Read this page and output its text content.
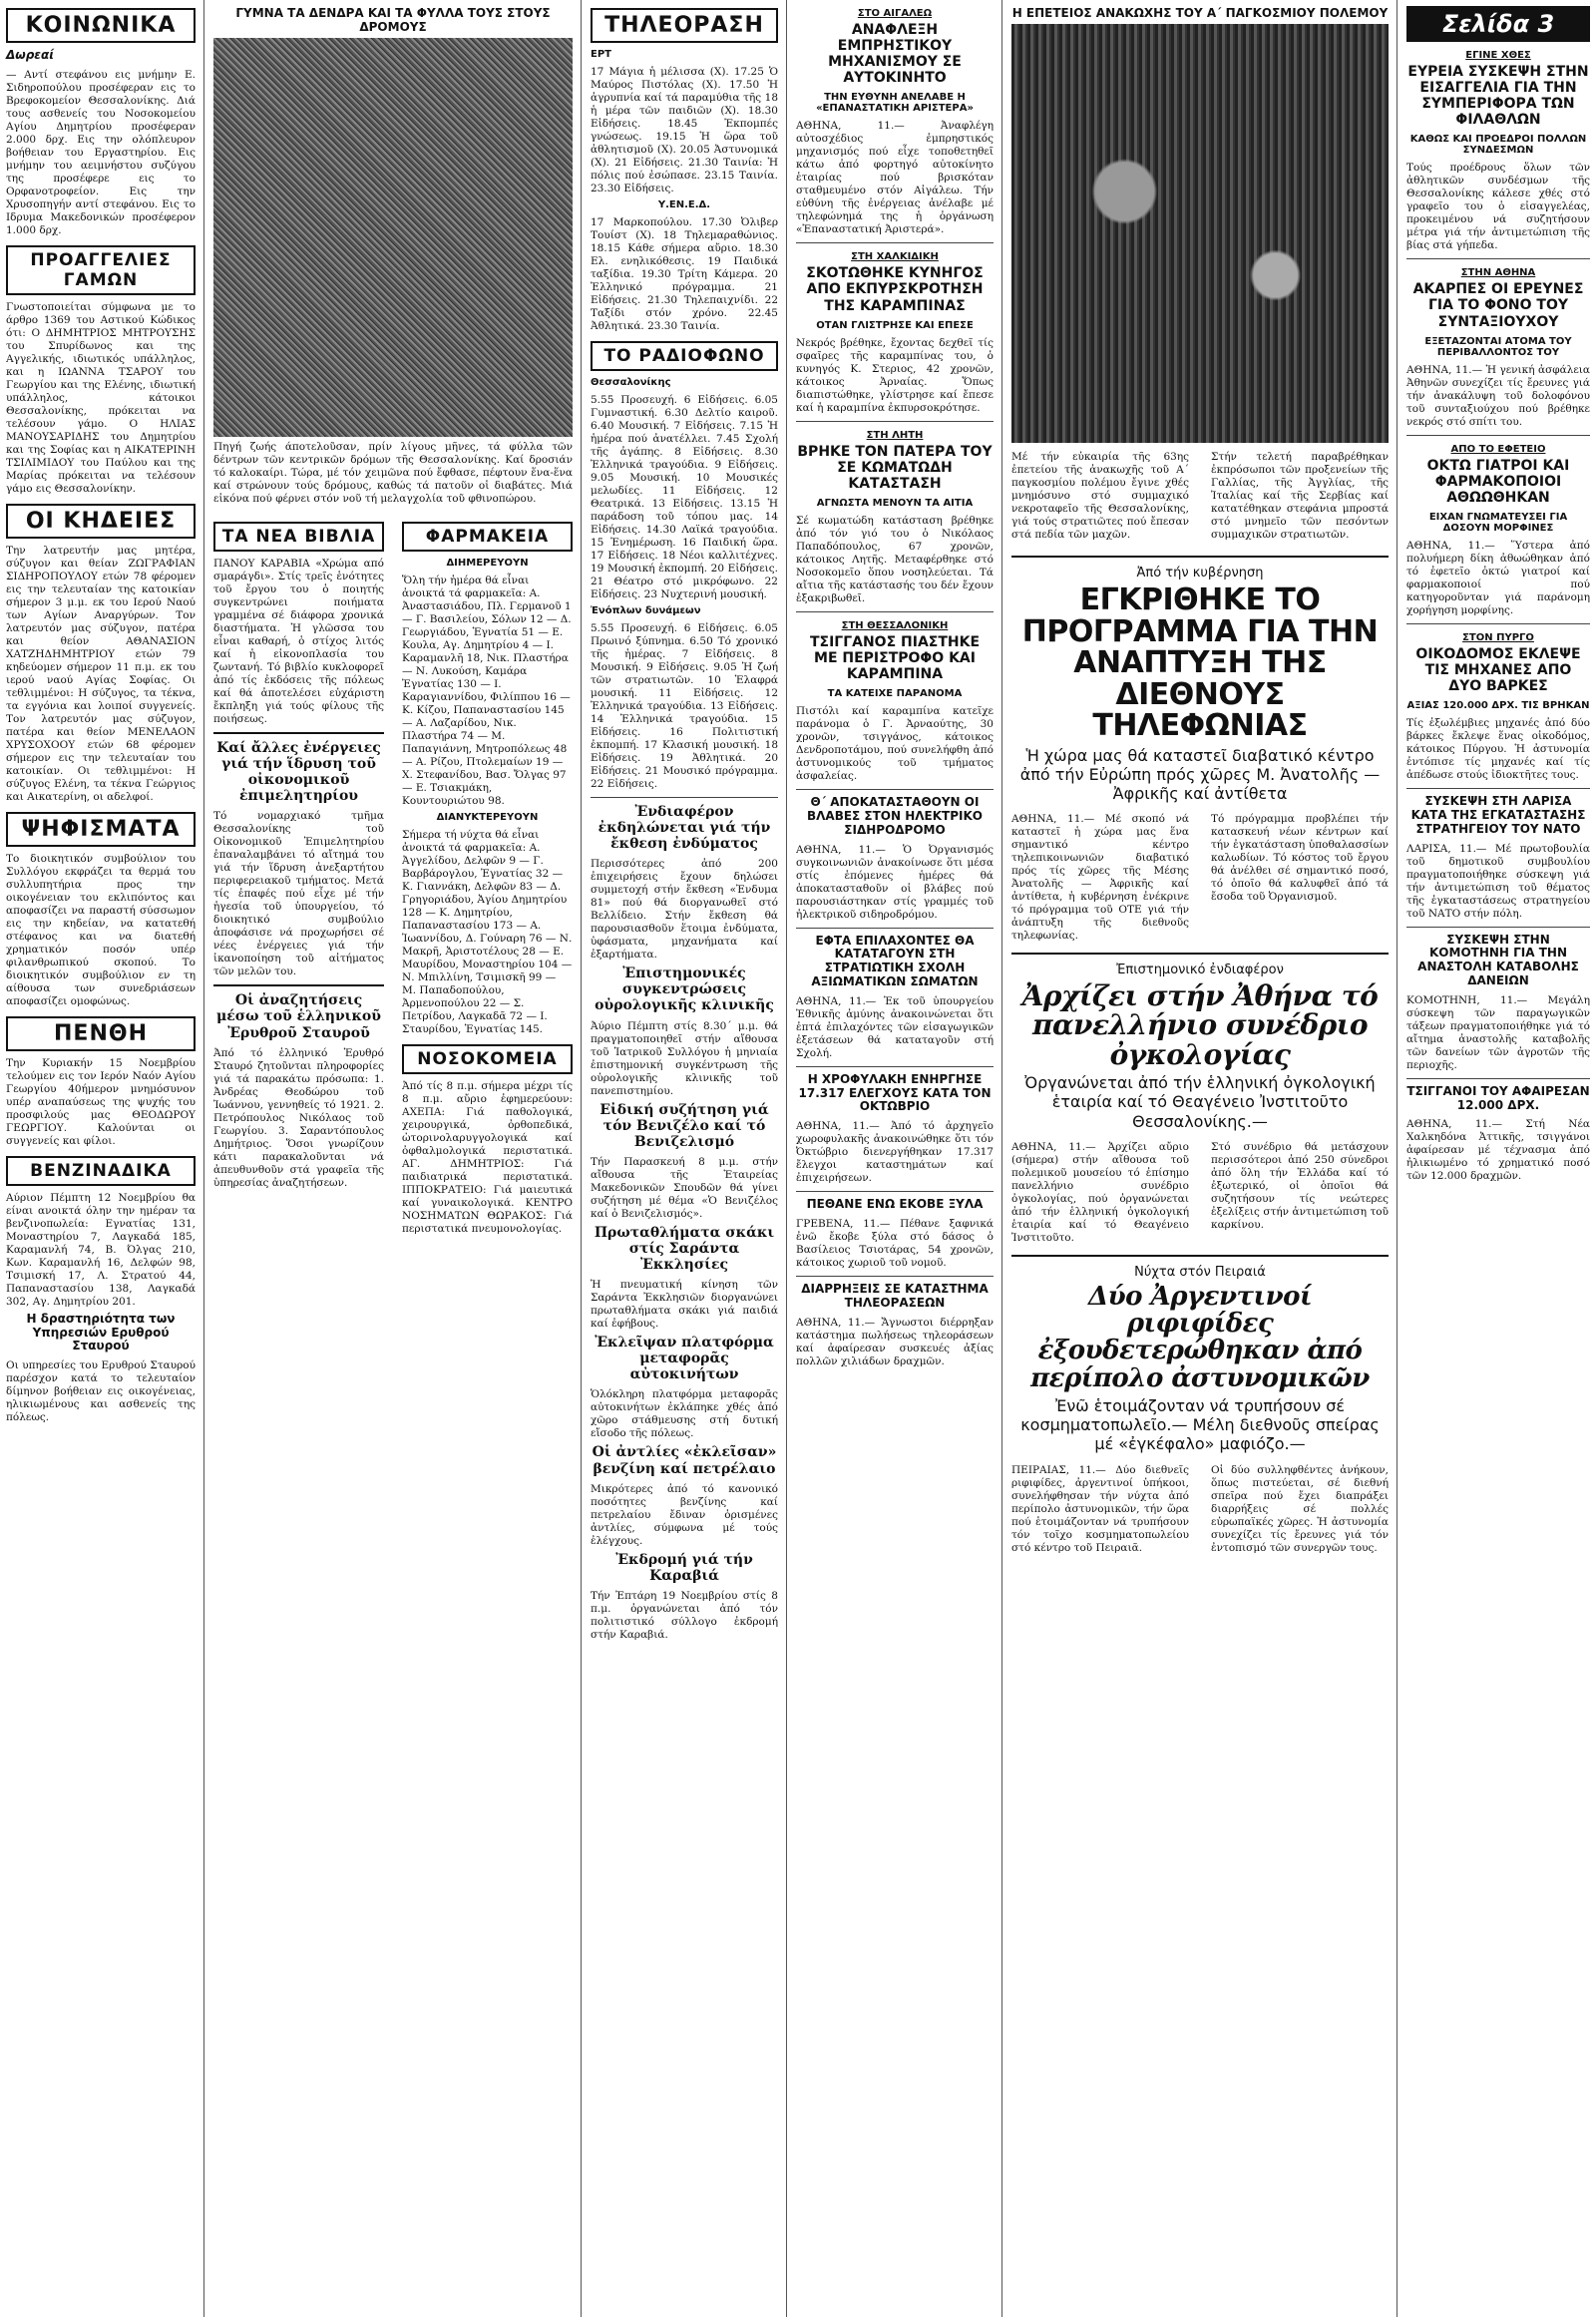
ΚΟΙΝΩΝΙΚΑ
Δωρεαί

— Αντί στεφάνου εις μνήμην Ε. Σιδηροπούλου προσέφεραν εις το Βρεφοκομείον Θεσσαλονίκης. Διά τους ασθενείς του Νοσοκομείου Αγίου Δημητρίου προσέφεραν 2.000 δρχ. Εις την ολόπλευρον βοήθειαν του Εργαστηρίου. Εις μνήμην του αειμνήστου συζύγου της προσέφερε εις το Ορφανοτροφείον. Εις την Χρυσοπηγήν αντί στεφάνου. Εις το Ιδρυμα Μακεδονικών προσέφερον 1.000 δρχ.

ΠΡΟΑΓΓΕΛΙΕΣ ΓΑΜΩΝ

Γνωστοποιείται σύμφωνα με το άρθρο 1369 του Αστικού Κώδικος ότι: Ο ΔΗΜΗΤΡΙΟΣ ΜΗΤΡΟΥΣΗΣ του Σπυρίδωνος και της Αγγελικής, ιδιωτικός υπάλληλος, και η ΙΩΑΝΝΑ ΤΣΑΡΟΥ του Γεωργίου και της Ελένης, ιδιωτική υπάλληλος, κάτοικοι Θεσσαλονίκης, πρόκειται να τελέσουν γάμο. Ο ΗΛΙΑΣ ΜΑΝΟΥΣΑΡΙΔΗΣ του Δημητρίου και της Σοφίας και η ΑΙΚΑΤΕΡΙΝΗ ΤΣΙΛΙΜΙΔΟΥ του Παύλου και της Μαρίας πρόκειται να τελέσουν γάμο εις Θεσσαλονίκην.

ΟΙ ΚΗΔΕΙΕΣ

Την λατρευτήν μας μητέρα, σύζυγον και θείαν ΖΩΓΡΑΦΙΑΝ ΣΙΔΗΡΟΠΟΥΛΟΥ ετών 78 φέρομεν εις την τελευταίαν της κατοικίαν σήμερον 3 μ.μ. εκ του Ιερού Ναού των Αγίων Αναργύρων. Τον λατρευτόν μας σύζυγον, πατέρα και θείον ΑΘΑΝΑΣΙΟΝ ΧΑΤΖΗΔΗΜΗΤΡΙΟΥ ετών 79 κηδεύομεν σήμερον 11 π.μ. εκ του ιερού ναού Αγίας Σοφίας. Οι τεθλιμμένοι: Η σύζυγος, τα τέκνα, τα εγγόνια και λοιποί συγγενείς. Τον λατρευτόν μας σύζυγον, πατέρα και θείον ΜΕΝΕΛΑΟΝ ΧΡΥΣΟΧΟΟΥ ετών 68 φέρομεν σήμερον εις την τελευταίαν του κατοικίαν. Οι τεθλιμμένοι: Η σύζυγος Ελένη, τα τέκνα Γεώργιος και Αικατερίνη, οι αδελφοί.

ΨΗΦΙΣΜΑΤΑ

Το διοικητικόν συμβούλιον του Συλλόγου εκφράζει τα θερμά του συλλυπητήρια προς την οικογένειαν του εκλιπόντος και αποφασίζει να παραστή σύσσωμον εις την κηδείαν, να κατατεθή στέφανος και να διατεθή χρηματικόν ποσόν υπέρ φιλανθρωπικού σκοπού. Το διοικητικόν συμβούλιον εν τη αίθουσα των συνεδριάσεων αποφασίζει ομοφώνως.

ΠΕΝΘΗ

Την Κυριακήν 15 Νοεμβρίου τελούμεν εις τον Ιερόν Ναόν Αγίου Γεωργίου 40ήμερον μνημόσυνον υπέρ αναπαύσεως της ψυχής του προσφιλούς μας ΘΕΟΔΩΡΟΥ ΓΕΩΡΓΙΟΥ. Καλούνται οι συγγενείς και φίλοι.

ΒΕΝΖΙΝΑΔΙΚΑ

Αύριον Πέμπτη 12 Νοεμβρίου θα είναι ανοικτά όλην την ημέραν τα βενζινοπωλεία: Εγνατίας 131, Μοναστηρίου 7, Λαγκαδά 185, Καραμανλή 74, Β. Όλγας 210, Κων. Καραμανλή 16, Δελφών 98, Τσιμισκή 17, Λ. Στρατού 44, Παπαναστασίου 138, Λαγκαδά 302, Αγ. Δημητρίου 201.

Η δραστηριότητα των Υπηρεσιών Ερυθρού Σταυρού

Οι υπηρεσίες του Ερυθρού Σταυρού παρέσχον κατά το τελευταίον δίμηνον βοήθειαν εις οικογένειας, ηλικιωμένους και ασθενείς της πόλεως.

ΓΥΜΝΑ ΤΑ ΔΕΝΔΡΑ ΚΑΙ ΤΑ ΦΥΛΛΑ ΤΟΥΣ ΣΤΟΥΣ ΔΡΟΜΟΥΣ

Πηγή ζωής άποτελοῦσαν, πρίν λίγους μῆνες, τά φύλλα τῶν δέντρων τῶν κεντρικῶν δρόμων τῆς Θεσσαλονίκης. Καί δροσιάν τό καλοκαίρι. Τώρα, μέ τόν χειμῶνα πού ἔφθασε, πέφτουν ἕνα-ἕνα καί στρώνουν τούς δρόμους, καθώς τά πατοῦν οἱ διαβάτες. Μιά εἰκόνα πού φέρνει στόν νοῦ τή μελαγχολία τοῦ φθινοπώρου.

ΤΑ ΝΕΑ ΒΙΒΛΙΑ

ΠΑΝΟΥ ΚΑΡΑΒΙΑ «Χρώμα από σμαράγδι». Στίς τρεῖς ἑνότητες τοῦ ἔργου του ὁ ποιητής συγκεντρώνει ποιήματα γραμμένα σέ διάφορα χρονικά διαστήματα. Ἡ γλῶσσα του εἶναι καθαρή, ὁ στίχος λιτός καί ἡ εἰκονοπλασία του ζωντανή. Τό βιβλίο κυκλοφορεῖ ἀπό τίς ἐκδόσεις τῆς πόλεως καί θά ἀποτελέσει εὐχάριστη ἔκπληξη γιά τούς φίλους τῆς ποιήσεως.

Καί ἄλλες ἐνέργειες γιά τήν ἵδρυση τοῦ οἰκονομικοῦ ἐπιμελητηρίου

Τό νομαρχιακό τμῆμα Θεσσαλονίκης τοῦ Οἰκονομικοῦ Ἐπιμελητηρίου ἐπαναλαμβάνει τό αἴτημά του γιά τήν ἵδρυση ἀνεξαρτήτου περιφερειακοῦ τμήματος. Μετά τίς ἐπαφές πού εἶχε μέ τήν ἡγεσία τοῦ ὑπουργείου, τό διοικητικό συμβούλιο ἀποφάσισε νά προχωρήσει σέ νέες ἐνέργειες γιά τήν ἱκανοποίηση τοῦ αἰτήματος τῶν μελῶν του.

Οἱ ἀναζητήσεις μέσω τοῦ ἑλληνικοῦ Ἐρυθροῦ Σταυροῦ

Ἀπό τό ἑλληνικό Ἐρυθρό Σταυρό ζητοῦνται πληροφορίες γιά τά παρακάτω πρόσωπα: 1. Ἀνδρέας Θεοδώρου τοῦ Ἰωάννου, γεννηθείς τό 1921. 2. Πετρόπουλος Νικόλαος τοῦ Γεωργίου. 3. Σαραντόπουλος Δημήτριος. Ὅσοι γνωρίζουν κάτι παρακαλοῦνται νά ἀπευθυνθοῦν στά γραφεῖα τῆς ὑπηρεσίας ἀναζητήσεων.

ΦΑΡΜΑΚΕΙΑ
ΔΙΗΜΕΡΕΥΟΥΝ

Ὅλη τήν ἡμέρα θά εἶναι ἀνοικτά τά φαρμακεῖα: Α. Ἀναστασιάδου, Πλ. Γερμανοῦ 1 — Γ. Βασιλείου, Σόλων 12 — Δ. Γεωργιάδου, Ἐγνατία 51 — Ε. Κουλα, Αγ. Δημητρίου 4 — Ι. Καραμανλῆ 18, Νικ. Πλαστήρα — Ν. Λυκούση, Καμάρα Ἐγνατίας 130 — Ι. Καραγιαννίδου, Φιλίππου 16 — Κ. Κίζου, Παπαναστασίου 145 — Α. Λαζαρίδου, Νικ. Πλαστήρα 74 — Μ. Παπαγιάννη, Μητροπόλεως 48 — Α. Ρίζου, Πτολεμαίων 19 — Χ. Στεφανίδου, Βασ. Ὄλγας 97 — Ε. Τσιακμάκη, Κουντουριώτου 98.

ΔΙΑΝΥΚΤΕΡΕΥΟΥΝ

Σήμερα τή νύχτα θά εἶναι ἀνοικτά τά φαρμακεῖα: Α. Ἀγγελίδου, Δελφῶν 9 — Γ. Βαρβάρογλου, Ἐγνατίας 32 — Κ. Γιαννάκη, Δελφῶν 83 — Δ. Γρηγοριάδου, Ἀγίου Δημητρίου 128 — Κ. Δημητρίου, Παπαναστασίου 173 — Α. Ἰωαννίδου, Δ. Γούναρη 76 — Ν. Μακρῆ, Ἀριστοτέλους 28 — Ε. Μαυρίδου, Μοναστηρίου 104 — Ν. Μπιλλίνη, Τσιμισκῆ 99 — Μ. Παπαδοπούλου, Ἀρμενοπούλου 22 — Σ. Πετρίδου, Λαγκαδᾶ 72 — Ι. Σταυρίδου, Ἐγνατίας 145.

ΝΟΣΟΚΟΜΕΙΑ

Ἀπό τίς 8 π.μ. σήμερα μέχρι τίς 8 π.μ. αὔριο ἐφημερεύουν: ΑΧΕΠΑ: Γιά παθολογικά, χειρουργικά, ὀρθοπεδικά, ὠτορινολαρυγγολογικά καί ὀφθαλμολογικά περιστατικά. ΑΓ. ΔΗΜΗΤΡΙΟΣ: Γιά παιδιατρικά περιστατικά. ΙΠΠΟΚΡΑΤΕΙΟ: Γιά μαιευτικά καί γυναικολογικά. ΚΕΝΤΡΟ ΝΟΣΗΜΑΤΩΝ ΘΩΡΑΚΟΣ: Γιά περιστατικά πνευμονολογίας.

ΤΗΛΕΟΡΑΣΗ
ΕΡΤ

17 Μάγια ἡ μέλισσα (Χ). 17.25 Ὁ Μαύρος Πιστόλας (Χ). 17.50 Ἡ ἀγρυπνία καί τά παραμύθια τῆς 18 ἡ μέρα τῶν παιδιῶν (Χ). 18.30 Εἰδήσεις. 18.45 Ἐκπομπές γνώσεως. 19.15 Ἡ ὥρα τοῦ ἀθλητισμοῦ (Χ). 20.05 Ἀστυνομικά (Χ). 21 Εἰδήσεις. 21.30 Ταινία: Ἡ πόλις πού ἐσώπασε. 23.15 Ταινία. 23.30 Εἰδήσεις.

Υ.ΕΝ.Ε.Δ.

17 Μαρκοπούλου. 17.30 Ὀλιβερ Τουίστ (Χ). 18 Τηλεμαραθώνιος. 18.15 Κάθε σήμερα αὔριο. 18.30 Ελ. ενηλικόθεσις. 19 Παιδικά ταξίδια. 19.30 Τρίτη Κάμερα. 20 Ἐλληνικό πρόγραμμα. 21 Εἰδήσεις. 21.30 Τηλεπαιχνίδι. 22 Ταξίδι στόν χρόνο. 22.45 Ἀθλητικά. 23.30 Ταινία.

ΤΟ ΡΑΔΙΟΦΩΝΟ
Θεσσαλονίκης

5.55 Προσευχή. 6 Εἰδήσεις. 6.05 Γυμναστική. 6.30 Δελτίο καιροῦ. 6.40 Μουσική. 7 Εἰδήσεις. 7.15 Ἡ ἡμέρα πού ἀνατέλλει. 7.45 Σχολή τῆς ἀγάπης. 8 Εἰδήσεις. 8.30 Ἐλληνικά τραγούδια. 9 Εἰδήσεις. 9.05 Μουσική. 10 Μουσικές μελωδίες. 11 Εἰδήσεις. 12 Θεατρικά. 13 Εἰδήσεις. 13.15 Ἡ παράδοση τοῦ τόπου μας. 14 Εἰδήσεις. 14.30 Λαϊκά τραγούδια. 15 Ἐνημέρωση. 16 Παιδική ὥρα. 17 Εἰδήσεις. 18 Νέοι καλλιτέχνες. 19 Μουσική ἐκπομπή. 20 Εἰδήσεις. 21 Θέατρο στό μικρόφωνο. 22 Εἰδήσεις. 23 Νυχτερινή μουσική.

Ἐνόπλων δυνάμεων

5.55 Προσευχή. 6 Εἰδήσεις. 6.05 Πρωινό ξύπνημα. 6.50 Τό χρονικό τῆς ἡμέρας. 7 Εἰδήσεις. 8 Μουσική. 9 Εἰδήσεις. 9.05 Ἡ ζωή τῶν στρατιωτῶν. 10 Ἐλαφρά μουσική. 11 Εἰδήσεις. 12 Ἐλληνικά τραγούδια. 13 Εἰδήσεις. 14 Ἐλληνικά τραγούδια. 15 Εἰδήσεις. 16 Πολιτιστική ἐκπομπή. 17 Κλασική μουσική. 18 Εἰδήσεις. 19 Ἀθλητικά. 20 Εἰδήσεις. 21 Μουσικό πρόγραμμα. 22 Εἰδήσεις.

Ἐνδιαφέρον ἐκδηλώνεται γιά τήν ἔκθεση ἐνδύματος

Περισσότερες ἀπό 200 ἐπιχειρήσεις ἔχουν δηλώσει συμμετοχή στήν ἔκθεση «Ἐνδυμα 81» πού θά διοργανωθεῖ στό Βελλίδειο. Στήν ἔκθεση θά παρουσιασθοῦν ἕτοιμα ἐνδύματα, ὑφάσματα, μηχανήματα καί ἐξαρτήματα.

Ἐπιστημονικές συγκεντρώσεις οὐρολογικῆς κλινικῆς

Ἀύριο Πέμπτη στίς 8.30΄ μ.μ. θά πραγματοποιηθεῖ στήν αἴθουσα τοῦ Ἰατρικοῦ Συλλόγου ἡ μηνιαία ἐπιστημονική συγκέντρωση τῆς οὐρολογικῆς κλινικῆς τοῦ πανεπιστημίου.

Εἰδική συζήτηση γιά τόν Βενιζέλο καί τό Βενιζελισμό

Τήν Παρασκευή 8 μ.μ. στήν αἴθουσα τῆς Ἑταιρείας Μακεδονικῶν Σπουδῶν θά γίνει συζήτηση μέ θέμα «Ὁ Βενιζέλος καί ὁ Βενιζελισμός».

Πρωταθλήματα σκάκι στίς Σαράντα Ἐκκλησίες

Ἡ πνευματική κίνηση τῶν Σαράντα Ἐκκλησιῶν διοργανώνει πρωταθλήματα σκάκι γιά παιδιά καί ἐφήβους.

Ἐκλεῖψαν πλατφόρμα μεταφορᾶς αὐτοκινήτων

Ὁλόκληρη πλατφόρμα μεταφορᾶς αὐτοκινήτων ἐκλάπηκε χθές ἀπό χῶρο στάθμευσης στή δυτική εἴσοδο τῆς πόλεως.

Οἱ ἀντλίες «ἐκλεῖσαν» βενζίνη καί πετρέλαιο

Μικρότερες ἀπό τό κανονικό ποσότητες βενζίνης καί πετρελαίου ἔδιναν ὁρισμένες ἀντλίες, σύμφωνα μέ τούς ἐλέγχους.

Ἐκδρομή γιά τήν Καραβιά

Τήν Ἐπτάρη 19 Νοεμβρίου στίς 8 π.μ. ὀργανώνεται ἀπό τόν πολιτιστικό σύλλογο ἐκδρομή στήν Καραβιά.

ΣΤΟ ΑΙΓΑΛΕΩ
ΑΝΑΦΛΕΞΗ ΕΜΠΡΗΣΤΙΚΟΥ ΜΗΧΑΝΙΣΜΟΥ ΣΕ ΑΥΤΟΚΙΝΗΤΟ
ΤΗΝ ΕΥΘΥΝΗ ΑΝΕΛΑΒΕ Η «ΕΠΑΝΑΣΤΑΤΙΚΗ ΑΡΙΣΤΕΡΑ»

ΑΘΗΝΑ, 11.— Ἀναφλέγη αὐτοσχέδιος ἐμπρηστικός μηχανισμός πού εἶχε τοποθετηθεῖ κάτω ἀπό φορτηγό αὐτοκίνητο ἑταιρίας πού βρισκόταν σταθμευμένο στόν Αἰγάλεω. Τήν εὐθύνη τῆς ἐνέργειας ἀνέλαβε μέ τηλεφώνημά της ἡ ὀργάνωση «Ἐπαναστατική Ἀριστερά».

ΣΤΗ ΧΑΛΚΙΔΙΚΗ
ΣΚΟΤΩΘΗΚΕ ΚΥΝΗΓΟΣ ΑΠΟ ΕΚΠΥΡΣΚΡΟΤΗΣΗ ΤΗΣ ΚΑΡΑΜΠΙΝΑΣ
ΟΤΑΝ ΓΛΙΣΤΡΗΣΕ ΚΑΙ ΕΠΕΣΕ

Νεκρός βρέθηκε, ἔχοντας δεχθεῖ τίς σφαῖρες τῆς καραμπίνας του, ὁ κυνηγός Κ. Στεριος, 42 χρονῶν, κάτοικος Ἀρναίας. Ὅπως διαπιστώθηκε, γλίστρησε καί ἔπεσε καί ἡ καραμπίνα ἐκπυρσοκρότησε.

ΣΤΗ ΛΗΤΗ
ΒΡΗΚΕ ΤΟΝ ΠΑΤΕΡΑ ΤΟΥ ΣΕ ΚΩΜΑΤΩΔΗ ΚΑΤΑΣΤΑΣΗ
ΑΓΝΩΣΤΑ ΜΕΝΟΥΝ ΤΑ ΑΙΤΙΑ

Σέ κωματώδη κατάσταση βρέθηκε ἀπό τόν γιό του ὁ Νικόλαος Παπαδόπουλος, 67 χρονῶν, κάτοικος Λητῆς. Μεταφέρθηκε στό Νοσοκομεῖο ὅπου νοσηλεύεται. Τά αἴτια τῆς κατάστασής του δέν ἔχουν ἐξακριβωθεῖ.

ΣΤΗ ΘΕΣΣΑΛΟΝΙΚΗ
ΤΣΙΓΓΑΝΟΣ ΠΙΑΣΤΗΚΕ ΜΕ ΠΕΡΙΣΤΡΟΦΟ ΚΑΙ ΚΑΡΑΜΠΙΝΑ
ΤΑ ΚΑΤΕΙΧΕ ΠΑΡΑΝΟΜΑ

Πιστόλι καί καραμπίνα κατεῖχε παράνομα ὁ Γ. Ἀρναούτης, 30 χρονῶν, τσιγγάνος, κάτοικος Δενδροποτάμου, πού συνελήφθη ἀπό ἀστυνομικούς τοῦ τμήματος ἀσφαλείας.

Θ΄ ΑΠΟΚΑΤΑΣΤΑΘΟΥΝ ΟΙ ΒΛΑΒΕΣ ΣΤΟΝ ΗΛΕΚΤΡΙΚΟ ΣΙΔΗΡΟΔΡΟΜΟ

ΑΘΗΝΑ, 11.— Ὁ Ὀργανισμός συγκοινωνιῶν ἀνακοίνωσε ὅτι μέσα στίς ἑπόμενες ἡμέρες θά ἀποκατασταθοῦν οἱ βλάβες πού παρουσιάστηκαν στίς γραμμές τοῦ ἠλεκτρικοῦ σιδηροδρόμου.

ΕΦΤΑ ΕΠΙΛΑΧΟΝΤΕΣ ΘΑ ΚΑΤΑΤΑΓΟΥΝ ΣΤΗ ΣΤΡΑΤΙΩΤΙΚΗ ΣΧΟΛΗ ΑΞΙΩΜΑΤΙΚΩΝ ΣΩΜΑΤΩΝ

ΑΘΗΝΑ, 11.— Ἐκ τοῦ ὑπουργείου Ἐθνικῆς ἀμύνης ἀνακοινώνεται ὅτι ἐπτά ἐπιλαχόντες τῶν εἰσαγωγικῶν ἐξετάσεων θά καταταγοῦν στή Σχολή.

Η ΧΡΟΦΥΛΑΚΗ ΕΝΗΡΓΗΣΕ 17.317 ΕΛΕΓΧΟΥΣ ΚΑΤΑ ΤΟΝ ΟΚΤΩΒΡΙΟ

ΑΘΗΝΑ, 11.— Ἀπό τό ἀρχηγεῖο χωροφυλακῆς ἀνακοινώθηκε ὅτι τόν Ὀκτώβριο διενεργήθηκαν 17.317 ἔλεγχοι καταστημάτων καί ἐπιχειρήσεων.

ΠΕΘΑΝΕ ΕΝΩ ΕΚΟΒΕ ΞΥΛΑ

ΓΡΕΒΕΝΑ, 11.— Πέθανε ξαφνικά ἐνῶ ἔκοβε ξύλα στό δάσος ὁ Βασίλειος Τσιοτάρας, 54 χρονῶν, κάτοικος χωριοῦ τοῦ νομοῦ.

ΔΙΑΡΡΗΞΕΙΣ ΣΕ ΚΑΤΑΣΤΗΜΑ ΤΗΛΕΟΡΑΣΕΩΝ

ΑΘΗΝΑ, 11.— Ἄγνωστοι διέρρηξαν κατάστημα πωλήσεως τηλεοράσεων καί ἀφαίρεσαν συσκευές ἀξίας πολλῶν χιλιάδων δραχμῶν.

Η ΕΠΕΤΕΙΟΣ ΑΝΑΚΩΧΗΣ ΤΟΥ Α΄ ΠΑΓΚΟΣΜΙΟΥ ΠΟΛΕΜΟΥ

Μέ τήν εὐκαιρία τῆς 63ης ἐπετείου τῆς ἀνακωχῆς τοῦ Α΄ παγκοσμίου πολέμου ἔγινε χθές μνημόσυνο στό συμμαχικό νεκροταφεῖο τῆς Θεσσαλονίκης, γιά τούς στρατιῶτες πού ἔπεσαν στά πεδία τῶν μαχῶν.

Στήν τελετή παραβρέθηκαν ἐκπρόσωποι τῶν προξενείων τῆς Γαλλίας, τῆς Ἀγγλίας, τῆς Ἰταλίας καί τῆς Σερβίας καί κατατέθηκαν στεφάνια μπροστά στό μνημεῖο τῶν πεσόντων συμμαχικῶν στρατιωτῶν.

Ἀπό τήν κυβέρνηση
ΕΓΚΡΙΘΗΚΕ ΤΟ ΠΡΟΓΡΑΜΜΑ ΓΙΑ ΤΗΝ ΑΝΑΠΤΥΞΗ ΤΗΣ ΔΙΕΘΝΟΥΣ ΤΗΛΕΦΩΝΙΑΣ
Ἡ χώρα μας θά καταστεῖ διαβατικό κέντρο ἀπό τήν Εὐρώπη πρός χῶρες Μ. Ἀνατολῆς — Ἀφρικῆς καί ἀντίθετα

ΑΘΗΝΑ, 11.— Μέ σκοπό νά καταστεῖ ἡ χώρα μας ἕνα σημαντικό κέντρο τηλεπικοινωνιῶν διαβατικό πρός τίς χῶρες τῆς Μέσης Ἀνατολῆς — Ἀφρικῆς καί ἀντίθετα, ἡ κυβέρνηση ἐνέκρινε τό πρόγραμμα τοῦ ΟΤΕ γιά τήν ἀνάπτυξη τῆς διεθνοῦς τηλεφωνίας.

Τό πρόγραμμα προβλέπει τήν κατασκευή νέων κέντρων καί τήν ἐγκατάσταση ὑποθαλασσίων καλωδίων. Τό κόστος τοῦ ἔργου θά ἀνέλθει σέ σημαντικό ποσό, τό ὁποῖο θά καλυφθεῖ ἀπό τά ἔσοδα τοῦ Ὀργανισμοῦ.

Ἐπιστημονικό ἐνδιαφέρον
Ἀρχίζει στήν Ἀθήνα τό πανελλήνιο συνέδριο ὀγκολογίας
Ὀργανώνεται ἀπό τήν ἑλληνική ὀγκολογική ἑταιρία καί τό Θεαγένειο Ἰνστιτοῦτο Θεσσαλονίκης.—

ΑΘΗΝΑ, 11.— Ἀρχίζει αὔριο (σήμερα) στήν αἴθουσα τοῦ πολεμικοῦ μουσείου τό ἐπίσημο πανελλήνιο συνέδριο ὀγκολογίας, πού ὀργανώνεται ἀπό τήν ἑλληνική ὀγκολογική ἑταιρία καί τό Θεαγένειο Ἰνστιτοῦτο.

Στό συνέδριο θά μετάσχουν περισσότεροι ἀπό 250 σύνεδροι ἀπό ὅλη τήν Ἑλλάδα καί τό ἐξωτερικό, οἱ ὁποῖοι θά συζητήσουν τίς νεώτερες ἐξελίξεις στήν ἀντιμετώπιση τοῦ καρκίνου.

Νύχτα στόν Πειραιά
Δύο Ἀργεντινοί ριφιφίδες ἐξουδετερώθηκαν ἀπό περίπολο ἀστυνομικῶν
Ἐνῶ ἑτοιμάζονταν νά τρυπήσουν σέ κοσμηματοπωλεῖο.— Μέλη διεθνοῦς σπείρας μέ «ἐγκέφαλο» μαφιόζο.—

ΠΕΙΡΑΙΑΣ, 11.— Δύο διεθνεῖς ριφιφίδες, ἀργεντινοί ὑπήκοοι, συνελήφθησαν τήν νύχτα ἀπό περίπολο ἀστυνομικῶν, τήν ὥρα πού ἑτοιμάζονταν νά τρυπήσουν τόν τοῖχο κοσμηματοπωλείου στό κέντρο τοῦ Πειραιᾶ.

Οἱ δύο συλληφθέντες ἀνήκουν, ὅπως πιστεύεται, σέ διεθνή σπεῖρα πού ἔχει διαπράξει διαρρήξεις σέ πολλές εὐρωπαϊκές χῶρες. Ἡ ἀστυνομία συνεχίζει τίς ἔρευνες γιά τόν ἐντοπισμό τῶν συνεργῶν τους.

Σελίδα 3
ΕΓΙΝΕ ΧΘΕΣ
ΕΥΡΕΙΑ ΣΥΣΚΕΨΗ ΣΤΗΝ ΕΙΣΑΓΓΕΛΙΑ ΓΙΑ ΤΗΝ ΣΥΜΠΕΡΙΦΟΡΑ ΤΩΝ ΦΙΛΑΘΛΩΝ
ΚΑΘΩΣ ΚΑΙ ΠΡΟΕΔΡΟΙ ΠΟΛΛΩΝ ΣΥΝΔΕΣΜΩΝ

Τούς προέδρους ὅλων τῶν ἀθλητικῶν συνδέσμων τῆς Θεσσαλονίκης κάλεσε χθές στό γραφεῖο του ὁ εἰσαγγελέας, προκειμένου νά συζητήσουν μέτρα γιά τήν ἀντιμετώπιση τῆς βίας στά γήπεδα.

ΣΤΗΝ ΑΘΗΝΑ
ΑΚΑΡΠΕΣ ΟΙ ΕΡΕΥΝΕΣ ΓΙΑ ΤΟ ΦΟΝΟ ΤΟΥ ΣΥΝΤΑΞΙΟΥΧΟΥ
ΕΞΕΤΑΖΟΝΤΑΙ ΑΤΟΜΑ ΤΟΥ ΠΕΡΙΒΑΛΛΟΝΤΟΣ ΤΟΥ

ΑΘΗΝΑ, 11.— Ἡ γενική ἀσφάλεια Ἀθηνῶν συνεχίζει τίς ἔρευνες γιά τήν ἀνακάλυψη τοῦ δολοφόνου τοῦ συνταξιούχου πού βρέθηκε νεκρός στό σπίτι του.

ΑΠΟ ΤΟ ΕΦΕΤΕΙΟ
ΟΚΤΩ ΓΙΑΤΡΟΙ ΚΑΙ ΦΑΡΜΑΚΟΠΟΙΟΙ ΑΘΩΩΘΗΚΑΝ
ΕΙΧΑΝ ΓΝΩΜΑΤΕΥΣΕΙ ΓΙΑ ΔΟΣΟΥΝ ΜΟΡΦΙΝΕΣ

ΑΘΗΝΑ, 11.— Ὕστερα ἀπό πολυήμερη δίκη ἀθωώθηκαν ἀπό τό ἐφετεῖο ὀκτώ γιατροί καί φαρμακοποιοί πού κατηγοροῦνταν γιά παράνομη χορήγηση μορφίνης.

ΣΤΟΝ ΠΥΡΓΟ
ΟΙΚΟΔΟΜΟΣ ΕΚΛΕΨΕ ΤΙΣ ΜΗΧΑΝΕΣ ΑΠΟ ΔΥΟ ΒΑΡΚΕΣ
ΑΞΙΑΣ 120.000 ΔΡΧ. ΤΙΣ ΒΡΗΚΑΝ

Τίς ἐξωλέμβιες μηχανές ἀπό δύο βάρκες ἔκλεψε ἕνας οἰκοδόμος, κάτοικος Πύργου. Ἡ ἀστυνομία ἐντόπισε τίς μηχανές καί τίς ἀπέδωσε στούς ἰδιοκτῆτες τους.

ΣΥΣΚΕΨΗ ΣΤΗ ΛΑΡΙΣΑ ΚΑΤΑ ΤΗΣ ΕΓΚΑΤΑΣΤΑΣΗΣ ΣΤΡΑΤΗΓΕΙΟΥ ΤΟΥ ΝΑΤΟ

ΛΑΡΙΣΑ, 11.— Μέ πρωτοβουλία τοῦ δημοτικοῦ συμβουλίου πραγματοποιήθηκε σύσκεψη γιά τήν ἀντιμετώπιση τοῦ θέματος τῆς ἐγκαταστάσεως στρατηγείου τοῦ ΝΑΤΟ στήν πόλη.

ΣΥΣΚΕΨΗ ΣΤΗΝ ΚΟΜΟΤΗΝΗ ΓΙΑ ΤΗΝ ΑΝΑΣΤΟΛΗ ΚΑΤΑΒΟΛΗΣ ΔΑΝΕΙΩΝ

ΚΟΜΟΤΗΝΗ, 11.— Μεγάλη σύσκεψη τῶν παραγωγικῶν τάξεων πραγματοποιήθηκε γιά τό αἴτημα ἀναστολῆς καταβολῆς τῶν δανείων τῶν ἀγροτῶν τῆς περιοχῆς.

ΤΣΙΓΓΑΝΟΙ ΤΟΥ ΑΦΑΙΡΕΣΑΝ 12.000 ΔΡΧ.

ΑΘΗΝΑ, 11.— Στή Νέα Χαλκηδόνα Ἀττικῆς, τσιγγάνοι ἀφαίρεσαν μέ τέχνασμα ἀπό ἠλικιωμένο τό χρηματικό ποσό τῶν 12.000 δραχμῶν.
